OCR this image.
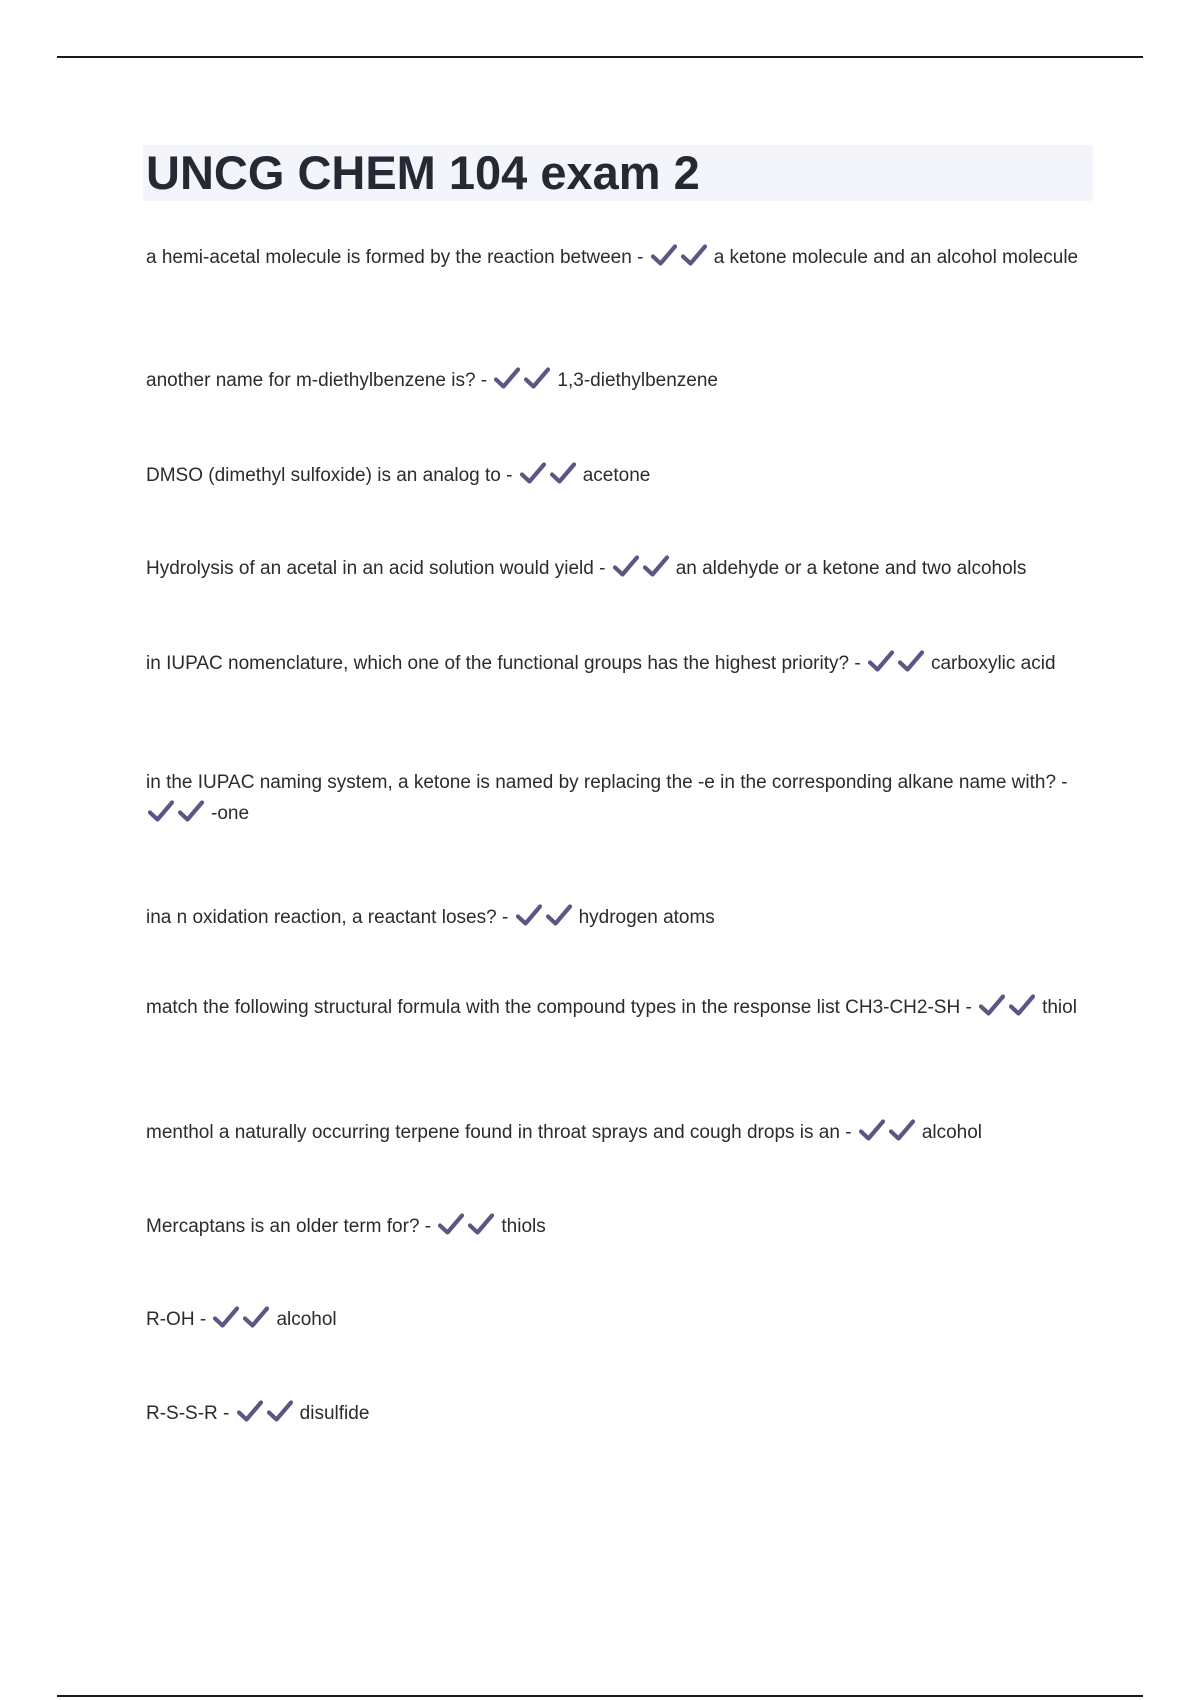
UNCG CHEM 104 exam 2

a hemi-acetal molecule is formed by the reaction between -	a ketone molecule and an alcohol molecule

another name for m-diethylbenzene is? -	1,3-diethylbenzene

DMSO (dimethyl sulfoxide) is an analog to -	acetone

Hydrolysis of an acetal in an acid solution would yield -	an aldehyde or a ketone and two alcohols

in IUPAC nomenclature, which one of the functional groups has the highest priority? -	carboxylic acid

in the IUPAC naming system, a ketone is named by replacing the -e in the corresponding alkane name with? -
-one

ina n oxidation reaction, a reactant loses? -	hydrogen atoms

match the following structural formula with the compound types in the response list CH3-CH2-SH -	thiol

menthol a naturally occurring terpene found in throat sprays and cough drops is an -	alcohol

Mercaptans is an older term for? -	thiols

R-OH -	alcohol

R-S-S-R -	disulfide
